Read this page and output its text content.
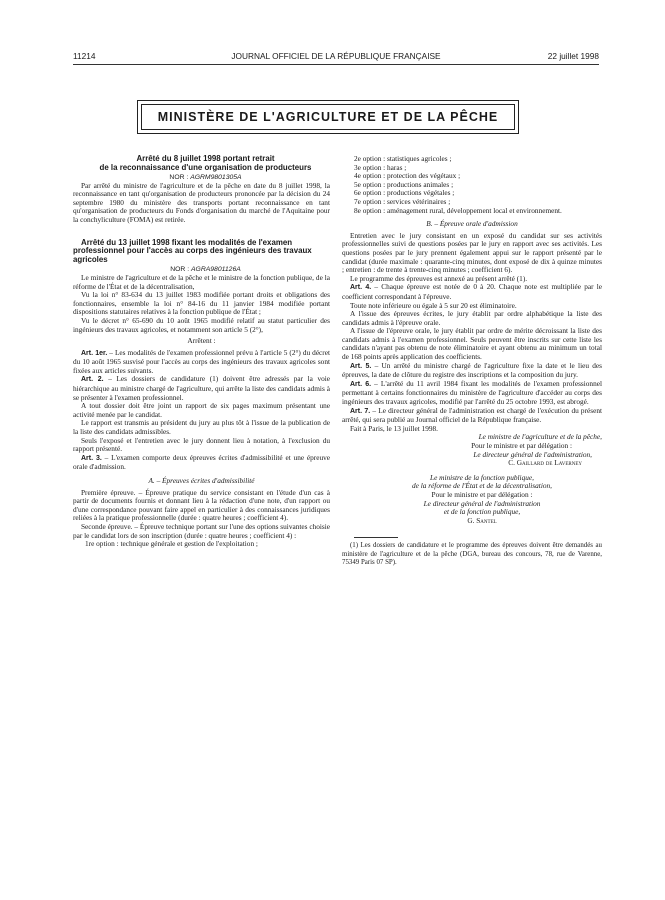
11214	JOURNAL OFFICIEL DE LA RÉPUBLIQUE FRANÇAISE	22 juillet 1998
MINISTÈRE DE L'AGRICULTURE ET DE LA PÊCHE

Arrêté du 8 juillet 1998 portant retrait

de la reconnaissance d'une organisation de producteurs

NOR : AGRM9801305A

Par arrêté du ministre de l'agriculture et de la pêche en date du 8 juillet 1998, la reconnaissance en tant qu'organisation de producteurs prononcée par la décision du 24 septembre 1980 du ministère des transports portant reconnaissance en tant qu'organisation de producteurs du Fonds d'organisation du marché de l'Aquitaine pour la conchyliculture (FOMA) est retirée.

Arrêté du 13 juillet 1998 fixant les modalités de l'examen professionnel pour l'accès au corps des ingénieurs des travaux agricoles

NOR : AGRA9801126A

Le ministre de l'agriculture et de la pêche et le ministre de la fonction publique, de la réforme de l'État et de la décentralisation,

Vu la loi n° 83-634 du 13 juillet 1983 modifiée portant droits et obligations des fonctionnaires, ensemble la loi n° 84-16 du 11 janvier 1984 modifiée portant dispositions statutaires relatives à la fonction publique de l'État ;

Vu le décret n° 65-690 du 10 août 1965 modifié relatif au statut particulier des ingénieurs des travaux agricoles, et notamment son article 5 (2°),

Arrêtent :

Art. 1er. – Les modalités de l'examen professionnel prévu à l'article 5 (2°) du décret du 10 août 1965 susvisé pour l'accès au corps des ingénieurs des travaux agricoles sont fixées aux articles suivants.

Art. 2. – Les dossiers de candidature (1) doivent être adressés par la voie hiérarchique au ministre chargé de l'agriculture, qui arrête la liste des candidats admis à se présenter à l'examen professionnel.

A tout dossier doit être joint un rapport de six pages maximum présentant une activité menée par le candidat.

Le rapport est transmis au président du jury au plus tôt à l'issue de la publication de la liste des candidats admissibles.

Seuls l'exposé et l'entretien avec le jury donnent lieu à notation, à l'exclusion du rapport présenté.

Art. 3. – L'examen comporte deux épreuves écrites d'admissibilité et une épreuve orale d'admission.

A. – Épreuves écrites d'admissibilité

Première épreuve. – Épreuve pratique du service consistant en l'étude d'un cas à partir de documents fournis et donnant lieu à la rédaction d'une note, d'un rapport ou d'une correspondance pouvant faire appel en particulier à des connaissances juridiques reliées à la pratique professionnelle (durée : quatre heures ; coefficient 4).

Seconde épreuve. – Épreuve technique portant sur l'une des options suivantes choisie par le candidat lors de son inscription (durée : quatre heures ; coefficient 4) :

1re option : technique générale et gestion de l'exploitation ;

2e option : statistiques agricoles ;

3e option : haras ;

4e option : protection des végétaux ;

5e option : productions animales ;

6e option : productions végétales ;

7e option : services vétérinaires ;

8e option : aménagement rural, développement local et environnement.

B. – Épreuve orale d'admission

Entretien avec le jury consistant en un exposé du candidat sur ses activités professionnelles suivi de questions posées par le jury en rapport avec ses activités. Les questions posées par le jury prennent également appui sur le rapport présenté par le candidat (durée maximale : quarante-cinq minutes, dont exposé de dix à quinze minutes ; entretien : de trente à trente-cinq minutes ; coefficient 6).

Le programme des épreuves est annexé au présent arrêté (1).

Art. 4. – Chaque épreuve est notée de 0 à 20. Chaque note est multipliée par le coefficient correspondant à l'épreuve.

Toute note inférieure ou égale à 5 sur 20 est éliminatoire.

A l'issue des épreuves écrites, le jury établit par ordre alphabétique la liste des candidats admis à l'épreuve orale.

A l'issue de l'épreuve orale, le jury établit par ordre de mérite décroissant la liste des candidats admis à l'examen professionnel. Seuls peuvent être inscrits sur cette liste les candidats n'ayant pas obtenu de note éliminatoire et ayant obtenu au minimum un total de 168 points après application des coefficients.

Art. 5. – Un arrêté du ministre chargé de l'agriculture fixe la date et le lieu des épreuves, la date de clôture du registre des inscriptions et la composition du jury.

Art. 6. – L'arrêté du 11 avril 1984 fixant les modalités de l'examen professionnel permettant à certains fonctionnaires du ministère de l'agriculture d'accéder au corps des ingénieurs des travaux agricoles, modifié par l'arrêté du 25 octobre 1993, est abrogé.

Art. 7. – Le directeur général de l'administration est chargé de l'exécution du présent arrêté, qui sera publié au Journal officiel de la République française.

Fait à Paris, le 13 juillet 1998.

Le ministre de l'agriculture et de la pêche,

Pour le ministre et par délégation :

Le directeur général de l'administration,

C. Gaillard de Laverney

Le ministre de la fonction publique,

de la réforme de l'État et de la décentralisation,

Pour le ministre et par délégation :

Le directeur général de l'administration

et de la fonction publique,

G. Santel

(1) Les dossiers de candidature et le programme des épreuves doivent être demandés au ministère de l'agriculture et de la pêche (DGA, bureau des concours, 78, rue de Varenne, 75349 Paris 07 SP).
